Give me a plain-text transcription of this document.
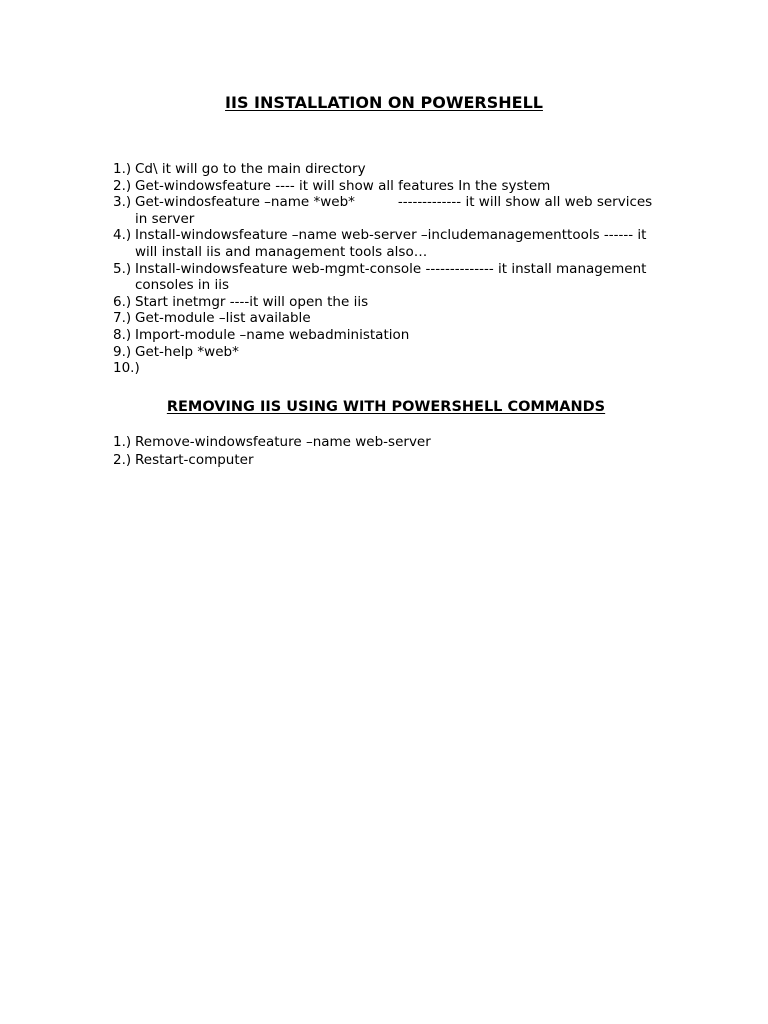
IIS INSTALLATION ON POWERSHELL
1.) Cd\ it will go to the main directory
2.) Get-windowsfeature ---- it will show all features In the system
3.) Get-windosfeature –name *web*          ------------- it will show all web services
in server
4.) Install-windowsfeature –name web-server –includemanagementtools ------ it
will install iis and management tools also…
5.) Install-windowsfeature web-mgmt-console -------------- it install management
consoles in iis
6.) Start inetmgr ----it will open the iis
7.) Get-module –list available
8.) Import-module –name webadministation
9.) Get-help *web*
10.)
REMOVING IIS USING WITH POWERSHELL COMMANDS
1.) Remove-windowsfeature –name web-server
2.) Restart-computer
